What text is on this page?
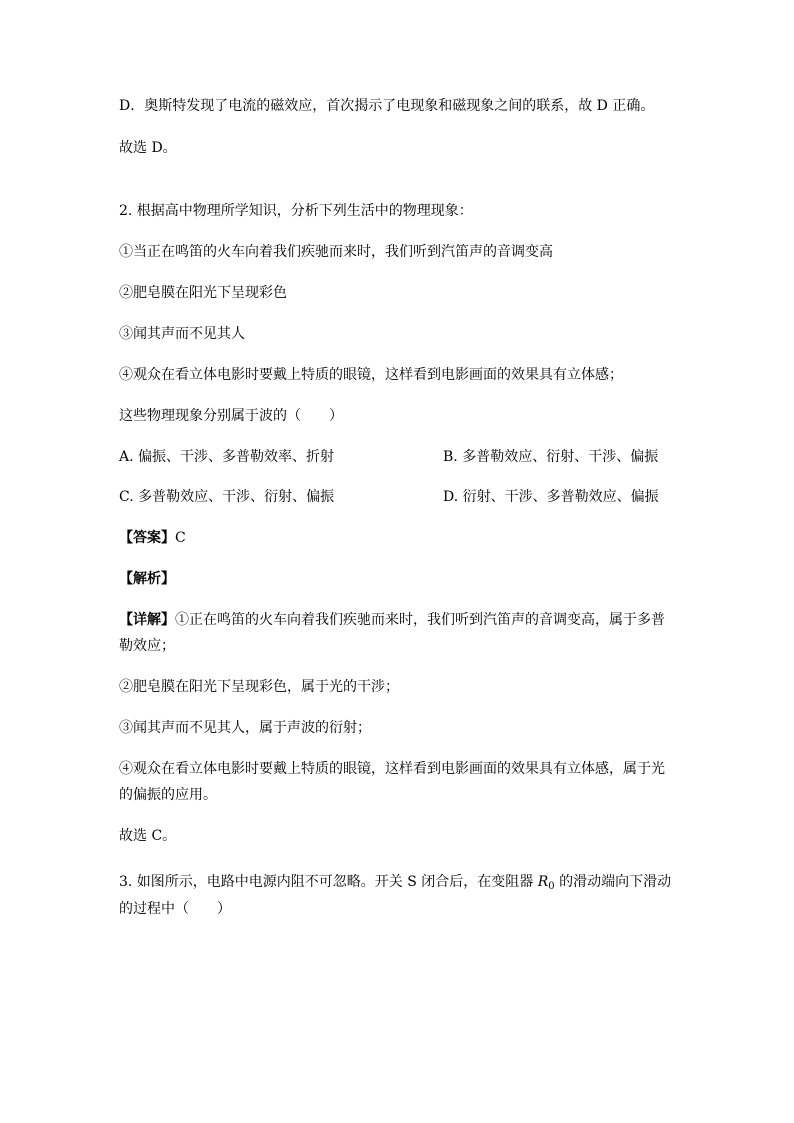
D．奥斯特发现了电流的磁效应，首次揭示了电现象和磁现象之间的联系，故 D 正确。
故选 D。
2. 根据高中物理所学知识，分析下列生活中的物理现象：
①当正在鸣笛的火车向着我们疾驰而来时，我们听到汽笛声的音调变高
②肥皂膜在阳光下呈现彩色
③闻其声而不见其人
④观众在看立体电影时要戴上特质的眼镜，这样看到电影画面的效果具有立体感；
这些物理现象分别属于波的（　　）
A. 偏振、干涉、多普勒效率、折射	B. 多普勒效应、衍射、干涉、偏振
C. 多普勒效应、干涉、衍射、偏振	D. 衍射、干涉、多普勒效应、偏振
【答案】C
【解析】
【详解】①正在鸣笛的火车向着我们疾驰而来时，我们听到汽笛声的音调变高，属于多普
勒效应；
②肥皂膜在阳光下呈现彩色，属于光的干涉；
③闻其声而不见其人，属于声波的衍射；
④观众在看立体电影时要戴上特质的眼镜，这样看到电影画面的效果具有立体感，属于光
的偏振的应用。
故选 C。
3. 如图所示，电路中电源内阻不可忽略。开关 S 闭合后，在变阻器 $R_0$ 的滑动端向下滑动
的过程中（　　）
